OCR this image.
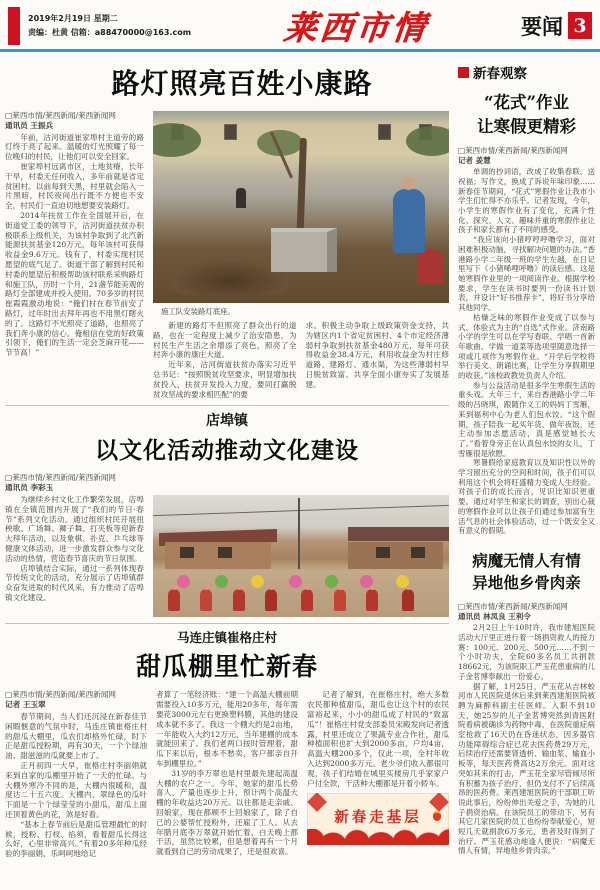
2019年2月19日 星期二
责编：杜黄 信箱：a88470000@163.com	莱西市情	要闻 3
路灯照亮百姓小康路

□莱西市情/莱西新闻/莱西新闻网
通讯员 王振兵

年前，沽河街道崔家埠村主道旁的路灯终于亮了起来。温暖的灯光照耀了每一位晚归的村民，让他们可以安全回家。

崔家埠村远离市区，土地贫瘠，长年干旱，村委无任何收入，多年前就是省定贫困村。以前每到天黑，村里就会陷入一片黑暗，村民夜间出行既不方便也不安全，村民们一直迫切地想要安装路灯。

2014年扶贫工作在全国展开后，在街道党工委的领导下，沽河街道扶贫办积极联系上级机关，为该村争取到了北汽新能源扶贫基金120万元，每年该村可获得收益金9.6万元。钱有了，村委实现村民愿望的底气足了。街道干部了解到村民和村委的愿望后积极帮助该村联系采购路灯和施工队，历时一个月，21盏节能美观的路灯全部建成并投入使用。70多岁的村民崔霞霞激动地说：“俺们村在春节前安了路灯，过年时出去拜年再也不用黑灯瞎火的了。这路灯不光照亮了道路，也照亮了我们奔小康的信心。俺相信在党的好政策引领下，俺们的生活一定会芝麻开花——节节高！”

施工队安装路灯底座。

新建的路灯不但照亮了群众出行的道路，也在一定程度上减少了治安隐患，为村民生产生活之余增添了亮色，照亮了全村奔小康的康庄大道。

近年来，沽河街道扶贫办落实习近平总书记：“按照脱贫攻坚要求，明显增加扶贫投入，扶贫开发投入力度，要同打赢脱贫攻坚战的要求相匹配”的要

求。积极主动争取上级政策资金支持，共为辖区内1个省定贫困村、4个市定经济薄弱村争取到扶贫基金480万元，每年可获得收益金38.4万元，利用收益金为村庄修道路、建路灯、通水渠，为这些薄弱村早日脱贫致富、共享全面小康夯实了发展基建。

店埠镇
以文化活动推动文化建设

□莱西市情/莱西新闻/莱西新闻网
通讯员 李彩玉

为继续乡村文化工作繁荣发展，店埠镇在全镇范围内开展了“我们的节日·春节”系列文化活动。通过组织村民开展扭秧歌、广场舞、狮子舞、打夹板等迎新春大拜年活动，以及象棋、扑克、乒乓球等健康文体活动，进一步激发群众参与文化活动的热情，营造春节喜庆的节日氛围。

店埠镇结合实际，通过一系列体现春节传统文化的活动，充分展示了店埠镇群众奋发进取的时代风采，有力推动了店埠镇文化建设。

马连庄镇崔格庄村
甜瓜棚里忙新春

□莱西市情/莱西新闻/莱西新闻网
记者 王玉翠

春节期间，当人们还沉浸在新春佳节闲暇惬意的气氛中时，马连庄镇崔格庄村的甜瓜大棚里，瓜农们却格外忙碌，时下正是甜瓜授粉期，再有30天，一个个绿油油、甜滋滋的瓜就要上市了。

正月初四一大早，崔格庄村李丽娟就来到自家的瓜棚里开始了一天的忙碌。与大棚外寒冷不同的是，大棚内很暖和，温度达二十五六度。大棚内，翠绿色的瓜叶下面是一个个绿莹莹的小甜瓜，甜瓜上面还顶着黄色的花，煞是好看。

“基本上春节前后是甜瓜管理最忙的时候，授粉、打杈、掐须，看着甜瓜长得这么好，心里非常高兴。”有着20多年种瓜经验的李丽娟，乐呵呵地给记

者算了一笔经济账：“建一个高温大棚前期需要投入10多万元，能用20多年，每年需要花3000元左右更换塑料膜，其他的建设成本就不多了。我这一个棚大约是2亩地，一年能收入大约12万元，当年建棚的成本就能回来了。我们老两口按时管理着，甜瓜下来以后，根本不愁卖，客户都亲自开车到棚里拉。”

31岁的李万翠也是村里最先建起高温大棚的农户之一。今年，她家的甜瓜长势喜人，产量也逐步上升，预计两个高温大棚的年收益达20万元。以往都是走亲戚、回娘家，现在都顾不上回娘家了，除了自己的公婆帮忙授粉外，还雇了工人。从去年腊月底李万翠就开始忙着，白天晚上都干活，虽然比较累，但是想着再有一个月就看到自己的劳动成果了，还是很欢喜。

记者了解到，在崔格庄村，绝大多数农民都种植甜瓜，甜瓜也让这个村的农民富裕起来，小小的甜瓜成了村民的“致富瓜”！崔格庄村党支部委员宋殿发向记者透露，村里还成立了果蔬专业合作社，甜瓜种植面积也扩大到2000多亩，户均4亩，高温大棚200多个，仅此一项，全村年收入达到2000多万元。老少爷们收入都很可观，孩子们结婚在城里买楼房几乎家家户户付全款，干活种大棚都是开着小轿车。

新春走基层
新春观察
“花式”作业
让寒假更精彩

□莱西市情/莱西新闻/莱西新闻网
记者 姜慧

单调的抄词语，改成了收集春联、送祝福；写作文，换成了诉说年味印象……新春佳节期间，“花式”寒假作业让我市小学生们忙得不亦乐乎。记者发现，今年，小学生的寒假作业有了变化，充满个性化、探究、人文、趣味并重的寒假作业让孩子和家长都有了不同的感受。

“我应该向小猪哼哼呼噜学习，面对困难积极动脑，寻找解决问题的办法。”香港路小学二年级一班的学生左越，在日记里写下《小猪唏哩呼噜》的读后感。这是她寒假作业里的一项阅读作业。根据学校要求，学生在读书时要列一份读书计划表，并设计“好书推荐卡”，将好书分享给其他同学。

枯燥乏味的寒假作业变成了以参与式、体验式为主的“自选”式作业。济南路小学的学生可以在学写春联、学唱一首新年歌曲、学做一道菜等选项里随意选择一项或几项作为寒假作业。“开学后学校将举行美文、朗诵比赛，让学生分享假期里的收获。”该校政教处负责人介绍。

参与公益活动是很多学生寒假生活的重头戏。大年三十，来自香港路小学二年级的吕晓琪，跟随作义工的妈妈丁雪雁，来到福利中心为老人们包水饺。“这个假期，孩子陪我一起买年货、做年夜饭，还主动参加志愿活动，真是感觉她长大了。”看着身旁正在认真包水饺的女儿，丁雪雁很是欣慰。

寒暑假给家庭教育以及知识性以外的学习留出充分的空间和时间，孩子们可以利用这个机会将旺盛精力变成人生经验。对孩子们的成长而言，见识比知识更重要。通过对学生和家长的调查，别出心裁的寒假作业可以让孩子们通过参加富有生活气息的社会体验活动，过一个既安全又有意义的假期。

病魔无情人有情
异地他乡骨肉亲

□莱西市情/莱西新闻/莱西新闻网
通讯员 林凤良 王利令

2月2日上午10时许，我市建旭医院活动大厅里正进行着一场捐资救人的接力赛：100元、200元、500元……不到一个小时功夫，全院60多名员工共捐款18662元，为该院职工严玉花患重病的儿子金茗博奉献出一份爱心。

据了解，1月25日，严玉花从吉林蛟河市人民医院退休后来到莱西建旭医院被聘为麻醉科副主任医师。入职不到10天，她25岁的儿子金茗博突然到青医附院看病被确诊为药物中毒，在医院重症病室抢救了16天仍在昏迷状态，因多器官功能障碍综合症已花去医药费29万元，后续治疗还需要肾透析、输血浆、输血小板等，每天医药费高达2万余元。面对这突如其来的打击，严玉花全家尽管倾尽所有积蓄为孩子治疗，但仍支付不了后续高昂的医药费。莱西建旭医院的干部职工听说此事后，纷纷伸出关爱之手，为她的儿子捐资治病。在该院员工的带动下，另有其它几家医院的员工也纷纷奉献爱心，短短几天就捐款6万多元，患者及时得到了治疗。严玉花感动地逢人便说：“病魔无情人有情，异地他乡骨肉亲。”
